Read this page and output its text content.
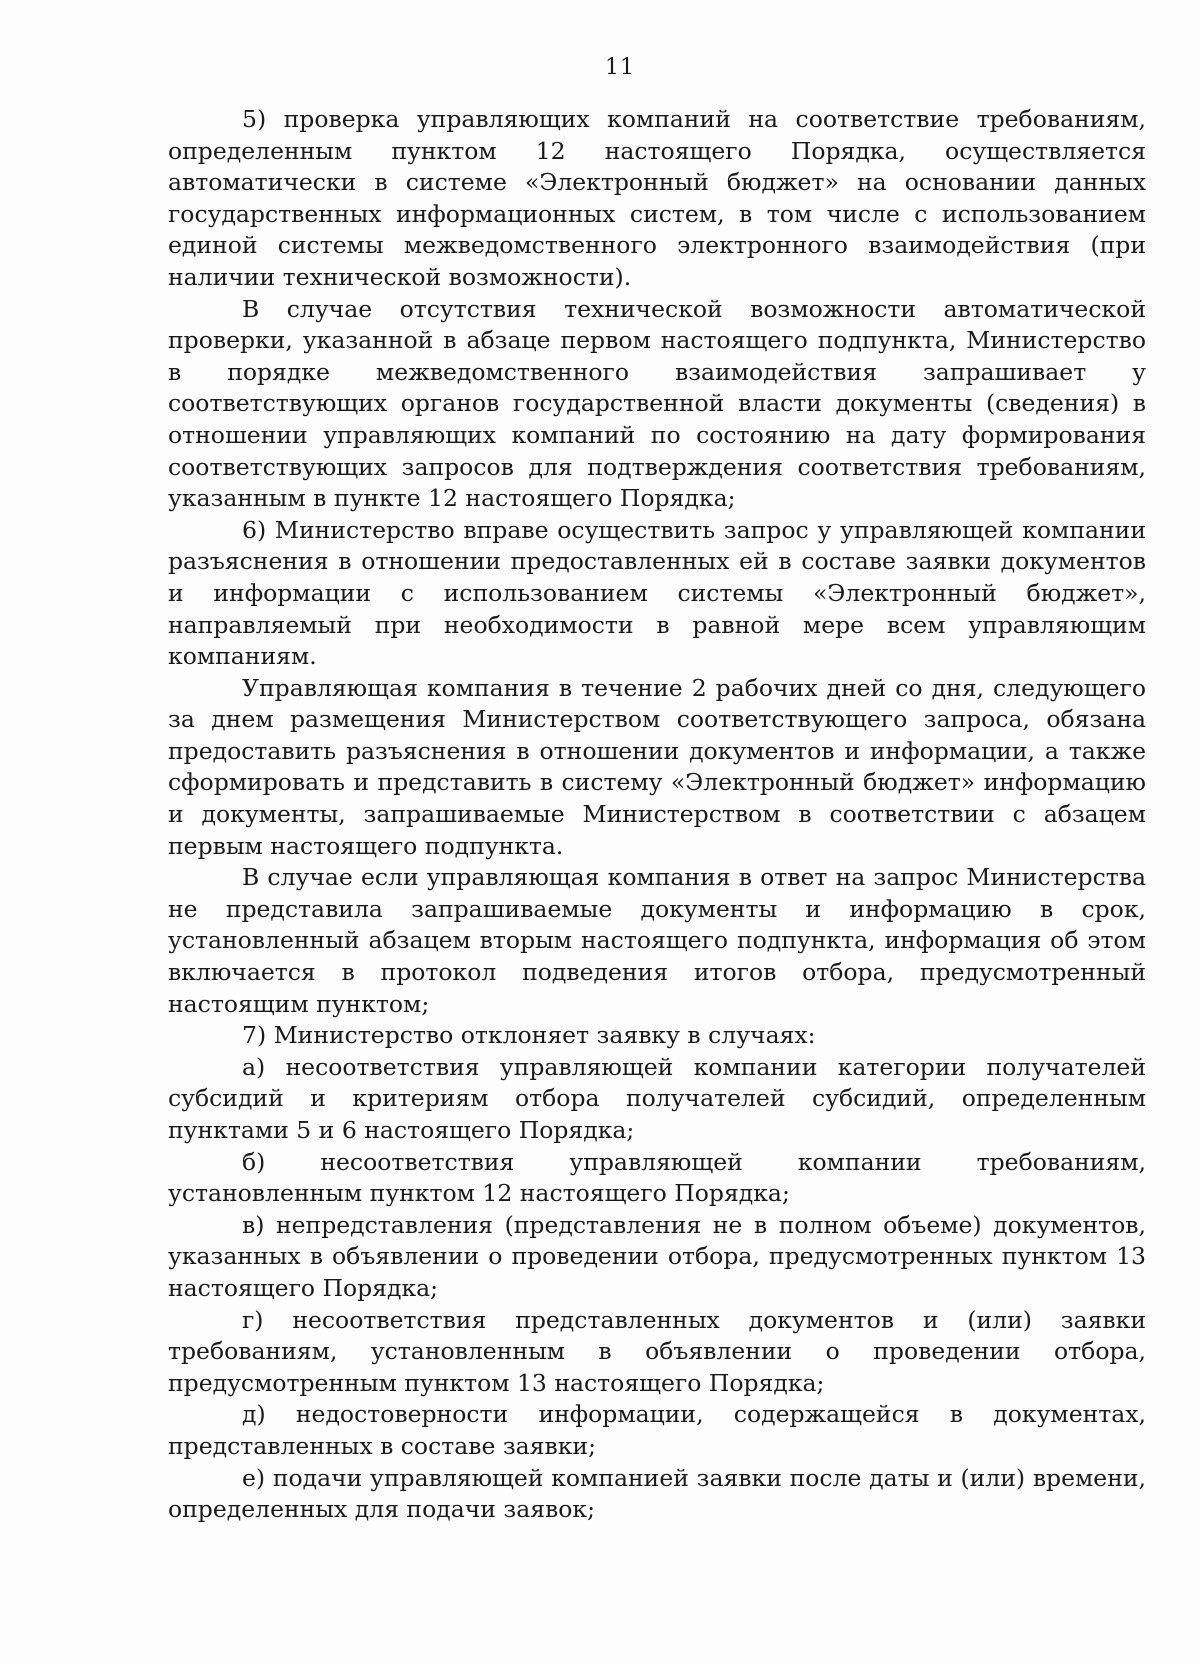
11

5) проверка управляющих компаний на соответствие требованиям, определенным пунктом 12 настоящего Порядка, осуществляется автоматически в системе «Электронный бюджет» на основании данных государственных информационных систем, в том числе с использованием единой системы межведомственного электронного взаимодействия (при наличии технической возможности).

В случае отсутствия технической возможности автоматической проверки, указанной в абзаце первом настоящего подпункта, Министерство в порядке межведомственного взаимодействия запрашивает у соответствующих органов государственной власти документы (сведения) в отношении управляющих компаний по состоянию на дату формирования соответствующих запросов для подтверждения соответствия требованиям, указанным в пункте 12 настоящего Порядка;

6) Министерство вправе осуществить запрос у управляющей компании разъяснения в отношении предоставленных ей в составе заявки документов и информации с использованием системы «Электронный бюджет», направляемый при необходимости в равной мере всем управляющим компаниям.

Управляющая компания в течение 2 рабочих дней со дня, следующего за днем размещения Министерством соответствующего запроса, обязана предоставить разъяснения в отношении документов и информации, а также сформировать и представить в систему «Электронный бюджет» информацию и документы, запрашиваемые Министерством в соответствии с абзацем первым настоящего подпункта.

В случае если управляющая компания в ответ на запрос Министерства не представила запрашиваемые документы и информацию в срок, установленный абзацем вторым настоящего подпункта, информация об этом включается в протокол подведения итогов отбора, предусмотренный настоящим пунктом;

7) Министерство отклоняет заявку в случаях:

а) несоответствия управляющей компании категории получателей субсидий и критериям отбора получателей субсидий, определенным пунктами 5 и 6 настоящего Порядка;

б) несоответствия управляющей компании требованиям, установленным пунктом 12 настоящего Порядка;

в) непредставления (представления не в полном объеме) документов, указанных в объявлении о проведении отбора, предусмотренных пунктом 13 настоящего Порядка;

г) несоответствия представленных документов и (или) заявки требованиям, установленным в объявлении о проведении отбора, предусмотренным пунктом 13 настоящего Порядка;

д) недостоверности информации, содержащейся в документах, представленных в составе заявки;

е) подачи управляющей компанией заявки после даты и (или) времени, определенных для подачи заявок;
